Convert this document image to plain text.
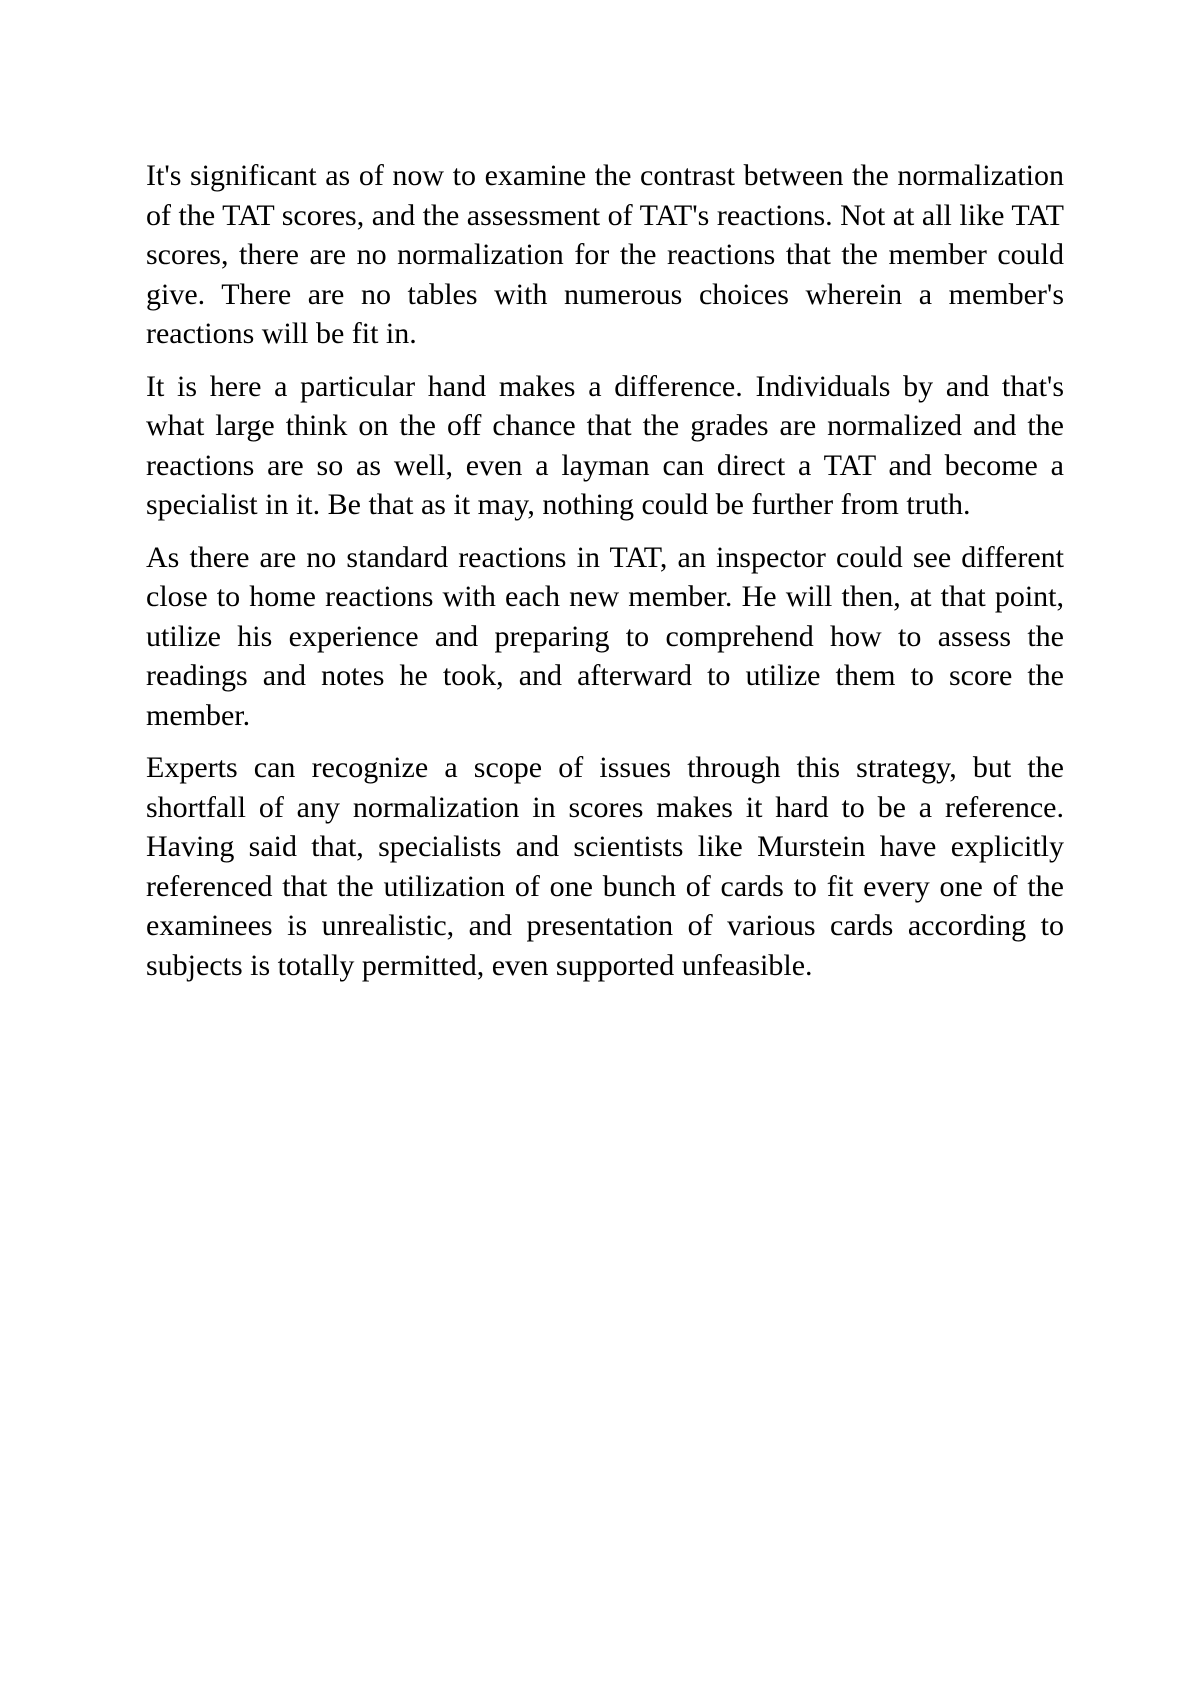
It's significant as of now to examine the contrast between the normalization of the TAT scores, and the assessment of TAT's reactions. Not at all like TAT scores, there are no normalization for the reactions that the member could give. There are no tables with numerous choices wherein a member's reactions will be fit in.

It is here a particular hand makes a difference. Individuals by and that's what large think on the off chance that the grades are normalized and the reactions are so as well, even a layman can direct a TAT and become a specialist in it. Be that as it may, nothing could be further from truth.

As there are no standard reactions in TAT, an inspector could see different close to home reactions with each new member. He will then, at that point, utilize his experience and preparing to comprehend how to assess the readings and notes he took, and afterward to utilize them to score the member.

Experts can recognize a scope of issues through this strategy, but the shortfall of any normalization in scores makes it hard to be a reference. Having said that, specialists and scientists like Murstein have explicitly referenced that the utilization of one bunch of cards to fit every one of the examinees is unrealistic, and presentation of various cards according to subjects is totally permitted, even supported unfeasible.
